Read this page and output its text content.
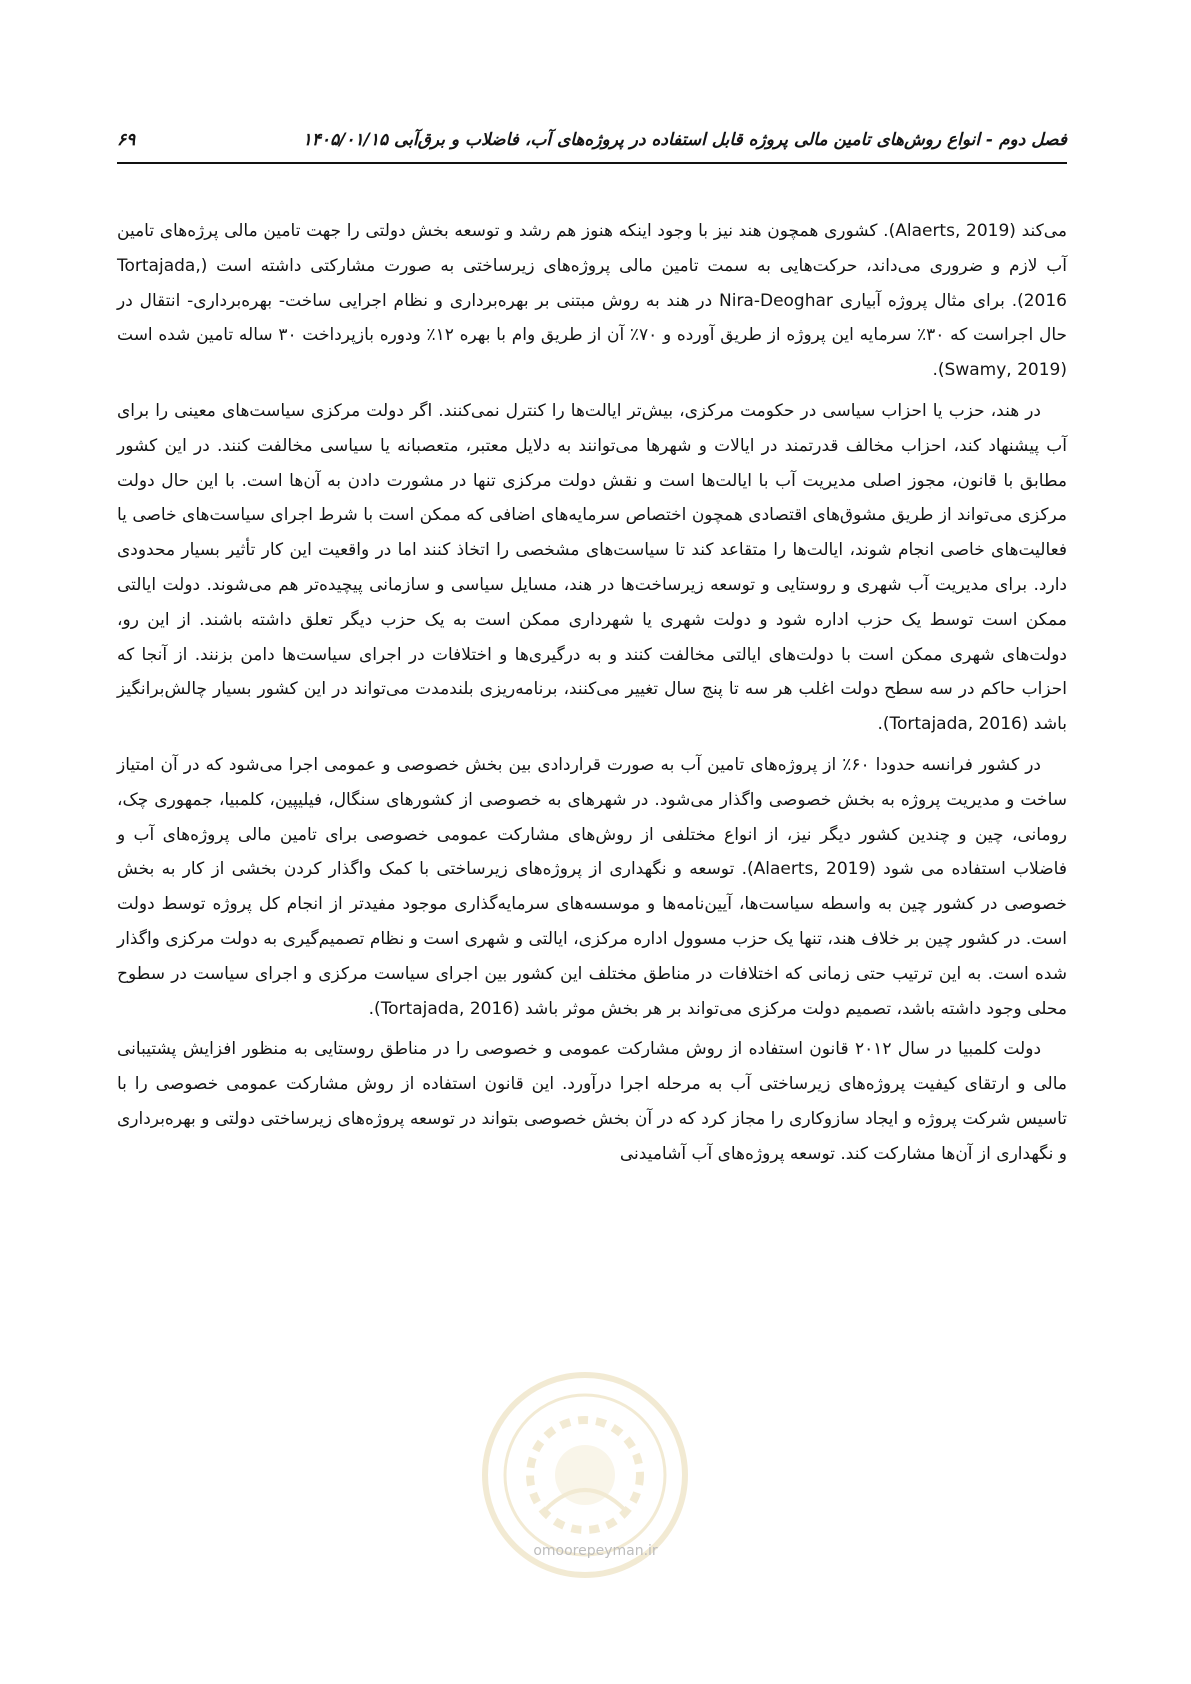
فصل دوم - انواع روش‌های تامین مالی پروژه قابل استفاده در پروژه‌های آب، فاضلاب و برق‌آبی ۱۴۰۵/۰۱/۱۵
۶۹

می‌کند (Alaerts, 2019). کشوری همچون هند نیز با وجود اینکه هنوز هم رشد و توسعه بخش دولتی را جهت تامین مالی پرژه‌های تامین آب لازم و ضروری می‌داند، حرکت‌هایی به سمت تامین مالی پروژه‌های زیرساختی به صورت مشارکتی داشته است (Tortajada, 2016). برای مثال پروژه آبیاری Nira-Deoghar در هند به روش مبتنی بر بهره‌برداری و نظام اجرایی ساخت- بهره‌برداری- انتقال در حال اجراست که ۳۰٪ سرمایه این پروژه از طریق آورده و ۷۰٪ آن از طریق وام با بهره ۱۲٪ ودوره بازپرداخت ۳۰ ساله تامین شده است (Swamy, 2019).

در هند، حزب یا احزاب سیاسی در حکومت مرکزی، بیش‌تر ایالت‌ها را کنترل نمی‌کنند. اگر دولت مرکزی سیاست‌های معینی را برای آب پیشنهاد کند، احزاب مخالف قدرتمند در ایالات و شهرها می‌توانند به دلایل معتبر، متعصبانه یا سیاسی مخالفت کنند. در این کشور مطابق با قانون، مجوز اصلی مدیریت آب با ایالت‌ها است و نقش دولت مرکزی تنها در مشورت دادن به آن‌ها است. با این حال دولت مرکزی می‌تواند از طریق مشوق‌های اقتصادی همچون اختصاص سرمایه‌های اضافی که ممکن است با شرط اجرای سیاست‌های خاصی یا فعالیت‌های خاصی انجام شوند، ایالت‌ها را متقاعد کند تا سیاست‌های مشخصی را اتخاذ کنند اما در واقعیت این کار تأثیر بسیار محدودی دارد. برای مدیریت آب شهری و روستایی و توسعه زیرساخت‌ها در هند، مسایل سیاسی و سازمانی پیچیده‌تر هم می‌شوند. دولت ایالتی ممکن است توسط یک حزب اداره شود و دولت شهری یا شهرداری ممکن است به یک حزب دیگر تعلق داشته باشند. از این رو، دولت‌های شهری ممکن است با دولت‌های ایالتی مخالفت کنند و به درگیری‌ها و اختلافات در اجرای سیاست‌ها دامن بزنند. از آنجا که احزاب حاکم در سه سطح دولت اغلب هر سه تا پنج سال تغییر می‌کنند، برنامه‌ریزی بلندمدت می‌تواند در این کشور بسیار چالش‌برانگیز باشد (Tortajada, 2016).

در کشور فرانسه حدودا ۶۰٪ از پروژه‌های تامین آب به صورت قراردادی بین بخش خصوصی و عمومی اجرا می‌شود که در آن امتیاز ساخت و مدیریت پروژه به بخش خصوصی واگذار می‌شود. در شهرهای به خصوصی از کشورهای سنگال، فیلیپین، کلمبیا، جمهوری چک، رومانی، چین و چندین کشور دیگر نیز، از انواع مختلفی از روش‌های مشارکت عمومی خصوصی برای تامین مالی پروژه‌های آب و فاضلاب استفاده می شود (Alaerts, 2019). توسعه و نگهداری از پروژه‌های زیرساختی با کمک واگذار کردن بخشی از کار به بخش خصوصی در کشور چین به واسطه سیاست‌ها، آیین‌نامه‌ها و موسسه‌های سرمایه‌گذاری موجود مفیدتر از انجام کل پروژه توسط دولت است. در کشور چین بر خلاف هند، تنها یک حزب مسوول اداره مرکزی، ایالتی و شهری است و نظام تصمیم‌گیری به دولت مرکزی واگذار شده است. به این ترتیب حتی زمانی که اختلافات در مناطق مختلف این کشور بین اجرای سیاست مرکزی و اجرای سیاست در سطوح محلی وجود داشته باشد، تصمیم دولت مرکزی می‌تواند بر هر بخش موثر باشد (Tortajada, 2016).

دولت کلمبیا در سال ۲۰۱۲ قانون استفاده از روش مشارکت عمومی و خصوصی را در مناطق روستایی به منظور افزایش پشتیبانی مالی و ارتقای کیفیت پروژه‌های زیرساختی آب به مرحله اجرا درآورد. این قانون استفاده از روش مشارکت عمومی خصوصی را با تاسیس شرکت پروژه و ایجاد سازوکاری را مجاز کرد که در آن بخش خصوصی بتواند در توسعه پروژه‌های زیرساختی دولتی و بهره‌برداری و نگهداری از آن‌ها مشارکت کند. توسعه پروژه‌های آب آشامیدنی

omoorepeyman.ir
